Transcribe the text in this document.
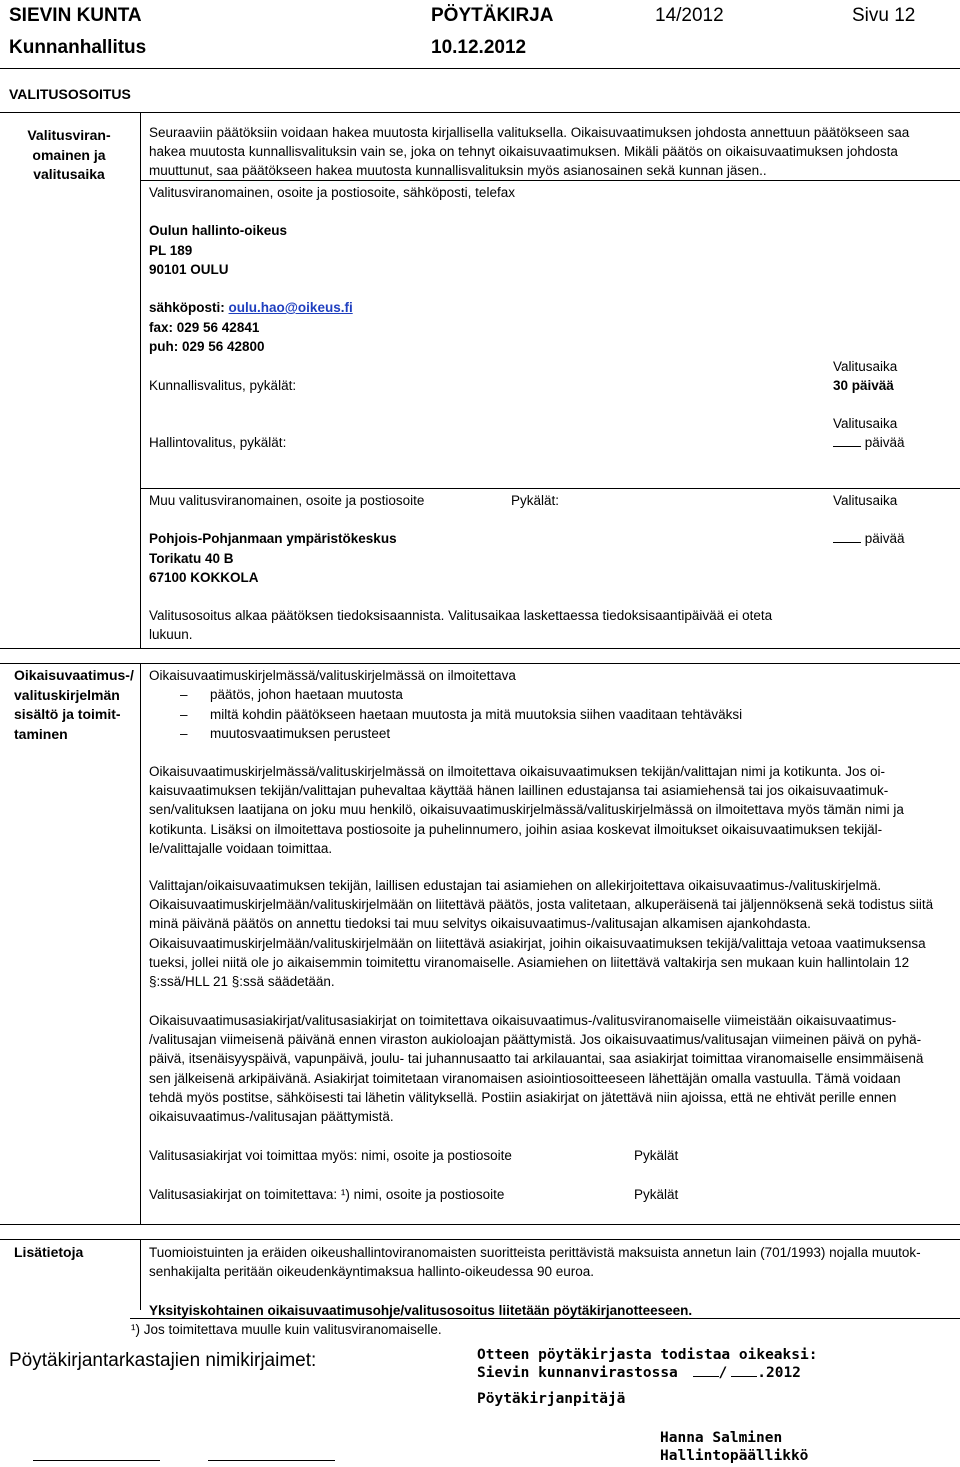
SIEVIN KUNTA
Kunnanhallitus
PÖYTÄKIRJA
10.12.2012
14/2012	Sivu 12
VALITUSOSOITUS
Valitusviran-
omainen ja
valitusaika
Seuraaviin päätöksiin voidaan hakea muutosta kirjallisella valituksella. Oikaisuvaatimuksen johdosta annettuun päätökseen saa
hakea muutosta kunnallisvalituksin vain se, joka on tehnyt oikaisuvaatimuksen. Mikäli päätös on oikaisuvaatimuksen johdosta
muuttunut, saa päätökseen hakea muutosta kunnallisvalituksin myös asianosainen sekä kunnan jäsen..
Valitusviranomainen, osoite ja postiosoite, sähköposti, telefax
Oulun hallinto-oikeus
PL 189
90101 OULU
sähköposti: oulu.hao@oikeus.fi
fax: 029 56 42841
puh: 029 56 42800
Kunnallisvalitus, pykälät:
Valitusaika
30 päivää
Hallintovalitus, pykälät:
Valitusaika
päivää
Muu valitusviranomainen, osoite ja postiosoite	Pykälät:	Valitusaika
Pohjois-Pohjanmaan ympäristökeskus
Torikatu 40 B
67100 KOKKOLA
päivää
Valitusosoitus alkaa päätöksen tiedoksisaannista. Valitusaikaa laskettaessa tiedoksisaantipäivää ei oteta
lukuun.
Oikaisuvaatimus-/
valituskirjelmän
sisältö ja toimit-
taminen
Oikaisuvaatimuskirjelmässä/valituskirjelmässä on ilmoitettava
– päätös, johon haetaan muutosta
– miltä kohdin päätökseen haetaan muutosta ja mitä muutoksia siihen vaaditaan tehtäväksi
– muutosvaatimuksen perusteet
Oikaisuvaatimuskirjelmässä/valituskirjelmässä on ilmoitettava oikaisuvaatimuksen tekijän/valittajan nimi ja kotikunta. Jos oi-
kaisuvaatimuksen tekijän/valittajan puhevaltaa käyttää hänen laillinen edustajansa tai asiamiehensä tai jos oikaisuvaatimuk-
sen/valituksen laatijana on joku muu henkilö, oikaisuvaatimuskirjelmässä/valituskirjelmässä on ilmoitettava myös tämän nimi ja
kotikunta. Lisäksi on ilmoitettava postiosoite ja puhelinnumero, joihin asiaa koskevat ilmoitukset oikaisuvaatimuksen tekijäl-
le/valittajalle voidaan toimittaa.
Valittajan/oikaisuvaatimuksen tekijän, laillisen edustajan tai asiamiehen on allekirjoitettava oikaisuvaatimus-/valituskirjelmä.
Oikaisuvaatimuskirjelmään/valituskirjelmään on liitettävä päätös, josta valitetaan, alkuperäisenä tai jäljennöksenä sekä todistus siitä
minä päivänä päätös on annettu tiedoksi tai muu selvitys oikaisuvaatimus-/valitusajan alkamisen ajankohdasta.
Oikaisuvaatimuskirjelmään/valituskirjelmään on liitettävä asiakirjat, joihin oikaisuvaatimuksen tekijä/valittaja vetoaa vaatimuksensa
tueksi, jollei niitä ole jo aikaisemmin toimitettu viranomaiselle. Asiamiehen on liitettävä valtakirja sen mukaan kuin hallintolain 12
§:ssä/HLL 21 §:ssä säädetään.
Oikaisuvaatimusasiakirjat/valitusasiakirjat on toimitettava oikaisuvaatimus-/valitusviranomaiselle viimeistään oikaisuvaatimus-
/valitusajan viimeisenä päivänä ennen viraston aukioloajan päättymistä. Jos oikaisuvaatimus/valitusajan viimeinen päivä on pyhä-
päivä, itsenäisyyspäivä, vapunpäivä, joulu- tai juhannusaatto tai arkilauantai, saa asiakirjat toimittaa viranomaiselle ensimmäisenä
sen jälkeisenä arkipäivänä. Asiakirjat toimitetaan viranomaisen asiointiosoitteeseen lähettäjän omalla vastuulla. Tämä voidaan
tehdä myös postitse, sähköisesti tai lähetin välityksellä. Postiin asiakirjat on jätettävä niin ajoissa, että ne ehtivät perille ennen
oikaisuvaatimus-/valitusajan päättymistä.
Valitusasiakirjat voi toimittaa myös: nimi, osoite ja postiosoite	Pykälät
Valitusasiakirjat on toimitettava: ¹) nimi, osoite ja postiosoite	Pykälät
Lisätietoja	Tuomioistuinten ja eräiden oikeushallintoviranomaisten suoritteista perittävistä maksuista annetun lain (701/1993) nojalla muutok-
senhakijalta peritään oikeudenkäyntimaksua hallinto-oikeudessa 90 euroa.
Yksityiskohtainen oikaisuvaatimusohje/valitusosoitus liitetään pöytäkirjanotteeseen.
¹) Jos toimitettava muulle kuin valitusviranomaiselle.
Pöytäkirjantarkastajien nimikirjaimet:	Otteen pöytäkirjasta todistaa oikeaksi:
Sievin kunnanvirastossa	/ .2012
Pöytäkirjanpitäjä
Hanna Salminen
Hallintopäällikkö
